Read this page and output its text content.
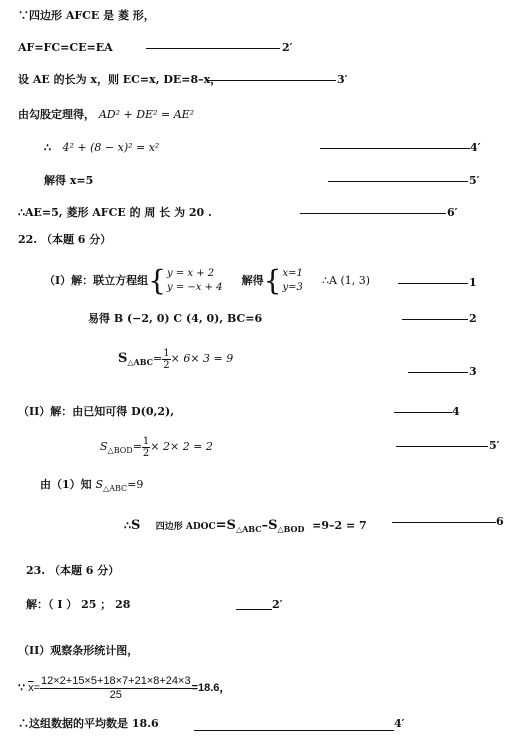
∵四边形 AFCE 是 菱 形，
AF=FC=CE=EA	2′
设 AE 的长为 x，则 EC=x, DE=8–x，	3′
由勾股定理得， AD² + DE² = AE²
∴ 4² + (8 − x)² = x²	4′
解得 x=5	5′
∴AE=5, 菱形 AFCE 的 周 长 为 20 .	6′
22. （本题 6 分）
（I）解：联立方程组{ y = x + 2
y = −x + 4
解得{ x=1
y=3
∴A (1, 3)	1
易得 B (−2, 0) C (4, 0), BC=6	2
$S_{\triangle ABC}= \frac{1}{2} \times 6\times 3 = 9$
3
（II）解：由已知可得 D(0,2),	4
$S_{\triangle BOD}= \frac{1}{2} \times 2\times 2 = 2$	5′
由（1）知 $S_{\triangle ABC}=9$
∴S 四边形 $ADOC=S_{\triangle ABC}-S_{\triangle BOD} =9-2 = 7$	6
23. （本题 6 分）
解：（ I ） 25 ； 28	2′
（II）观察条形统计图，
∵ $\overline{x}= \frac{12\times 2+15\times 5+18\times 7+21\times 8+24\times 3}{25} =18.6$，
∴这组数据的平均数是 18.6	4′
